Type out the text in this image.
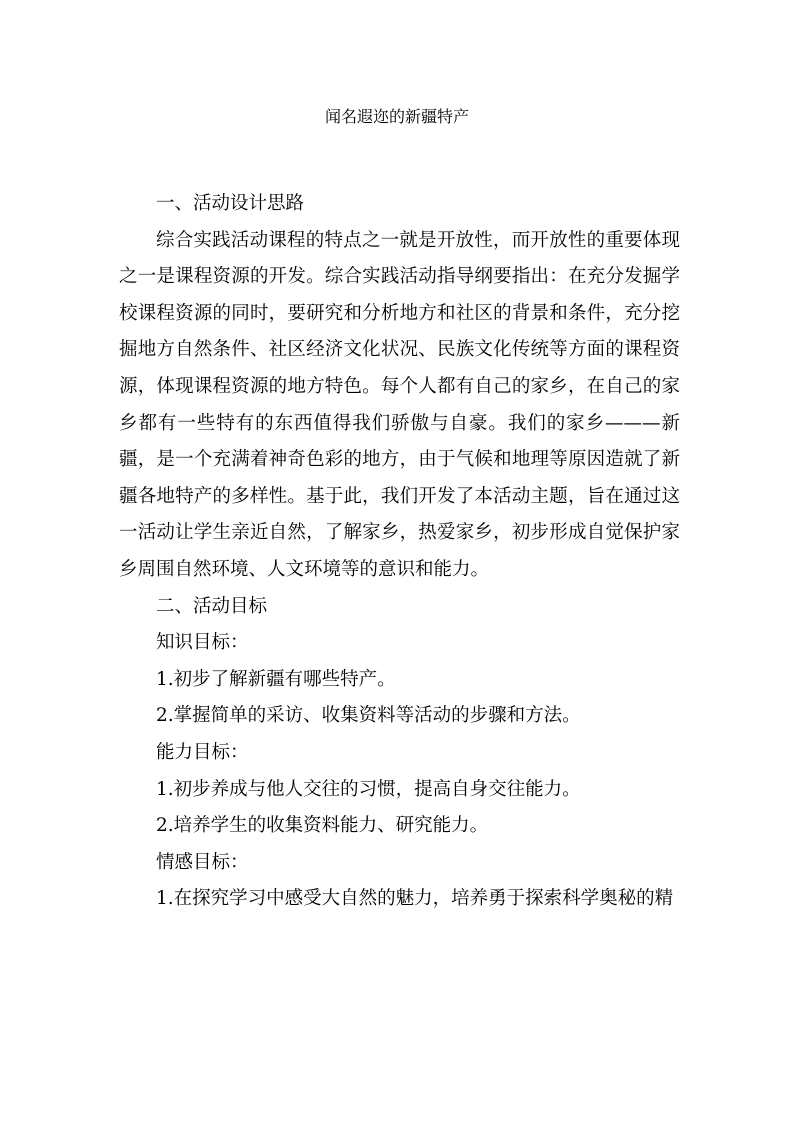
闻名遐迩的新疆特产

一、活动设计思路

综合实践活动课程的特点之一就是开放性，而开放性的重要体现之一是课程资源的开发。综合实践活动指导纲要指出：在充分发掘学校课程资源的同时，要研究和分析地方和社区的背景和条件，充分挖掘地方自然条件、社区经济文化状况、民族文化传统等方面的课程资源，体现课程资源的地方特色。每个人都有自己的家乡，在自己的家乡都有一些特有的东西值得我们骄傲与自豪。我们的家乡———新疆，是一个充满着神奇色彩的地方，由于气候和地理等原因造就了新疆各地特产的多样性。基于此，我们开发了本活动主题，旨在通过这一活动让学生亲近自然，了解家乡，热爱家乡，初步形成自觉保护家乡周围自然环境、人文环境等的意识和能力。

二、活动目标

知识目标：

1.初步了解新疆有哪些特产。

2.掌握简单的采访、收集资料等活动的步骤和方法。

能力目标：

1.初步养成与他人交往的习惯，提高自身交往能力。

2.培养学生的收集资料能力、研究能力。

情感目标：

1.在探究学习中感受大自然的魅力，培养勇于探索科学奥秘的精
